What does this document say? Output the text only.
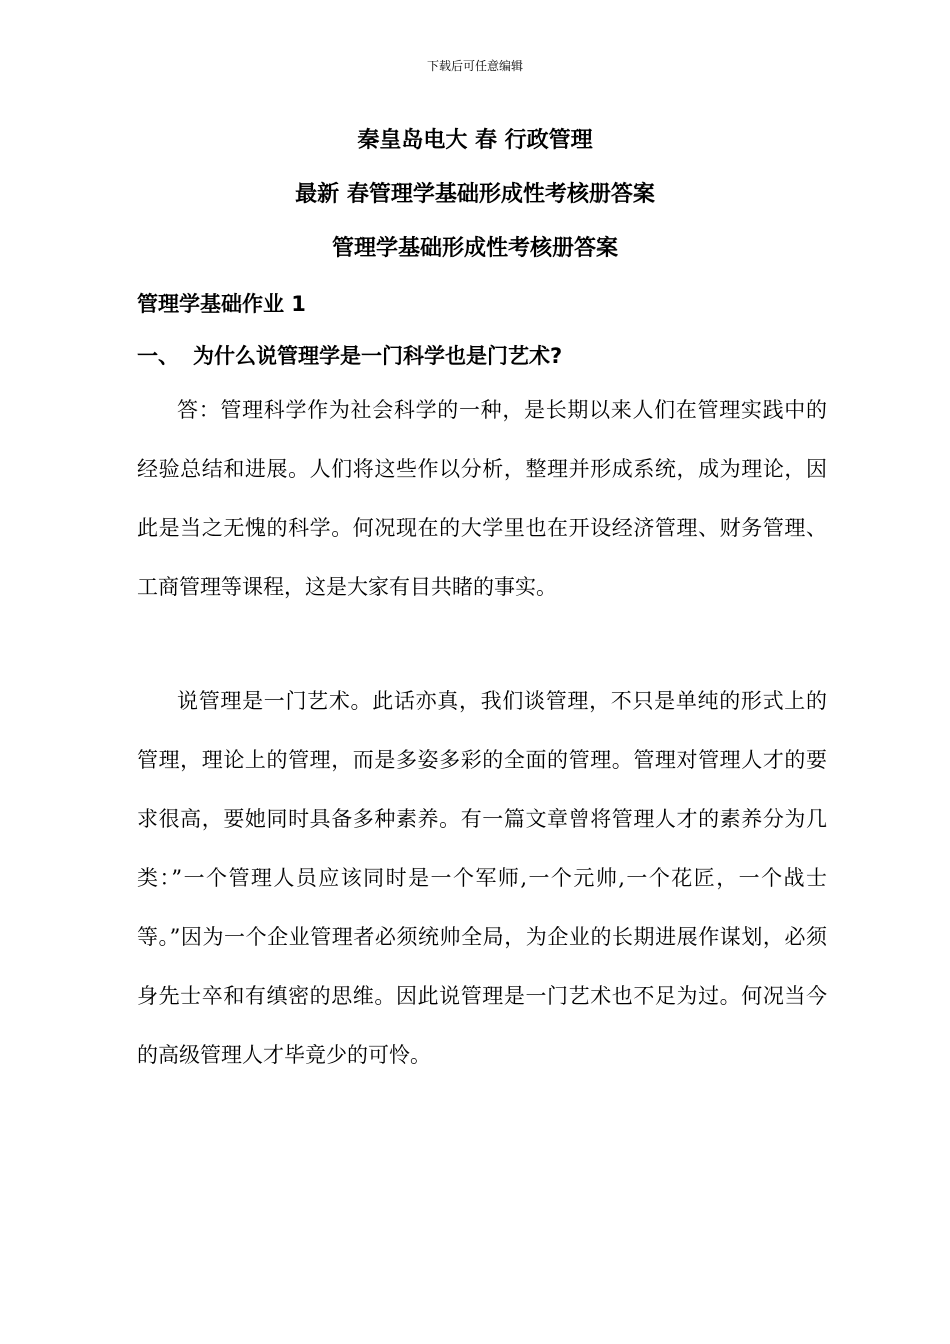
下载后可任意编辑
秦皇岛电大 春 行政管理
最新 春管理学基础形成性考核册答案
管理学基础形成性考核册答案
管理学基础作业 1
一、 为什么说管理学是一门科学也是门艺术?
答：管理科学作为社会科学的一种，是长期以来人们在管理实践中的经验总结和进展。人们将这些作以分析，整理并形成系统，成为理论，因此是当之无愧的科学。何况现在的大学里也在开设经济管理、财务管理、工商管理等课程，这是大家有目共睹的事实。
说管理是一门艺术。此话亦真，我们谈管理，不只是单纯的形式上的管理，理论上的管理，而是多姿多彩的全面的管理。管理对管理人才的要求很高，要她同时具备多种素养。有一篇文章曾将管理人才的素养分为几类：”一个管理人员应该同时是一个军师,一个元帅,一个花匠，一个战士等。”因为一个企业管理者必须统帅全局，为企业的长期进展作谋划，必须身先士卒和有缜密的思维。因此说管理是一门艺术也不足为过。何况当今的高级管理人才毕竟少的可怜。
